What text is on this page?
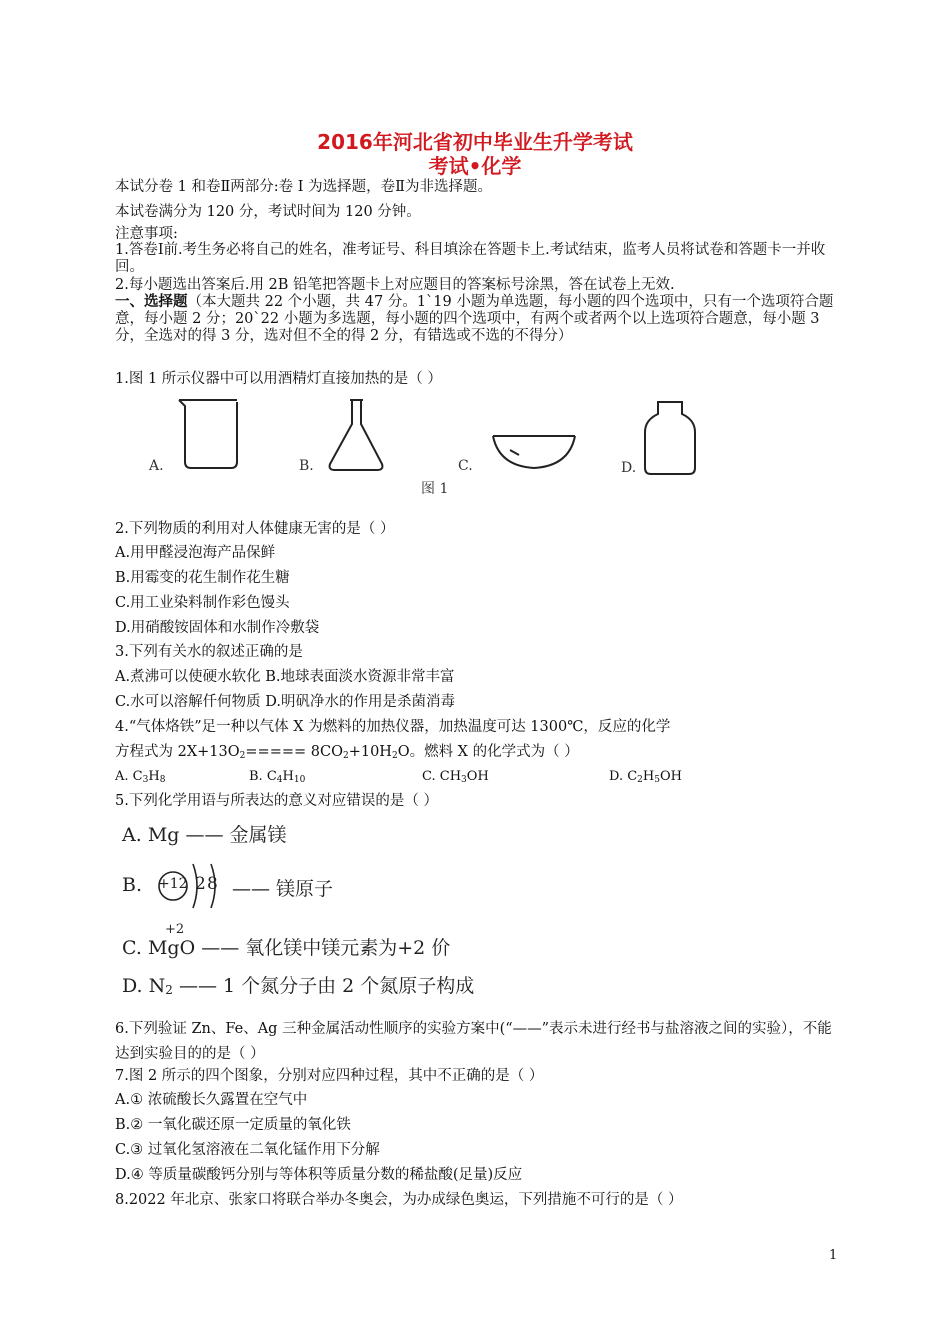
2016年河北省初中毕业生升学考试
考试•化学
本试分卷 1 和卷Ⅱ两部分:卷 I 为选择题，卷Ⅱ为非选择题。
本试卷满分为 120 分，考试时间为 120 分钟。
注意事项:
1.答卷Ⅰ前.考生务必将自己的姓名，准考证号、科目填涂在答题卡上.考试结束，监考人员将试卷和答题卡一并收回。
2.每小题选出答案后.用 2B 铅笔把答题卡上对应题目的答案标号涂黑，答在试卷上无效.
一、选择题（本大题共 22 个小题，共 47 分。1`19 小题为单选题，每小题的四个选项中，只有一个选项符合题意，每小题 2 分；20`22 小题为多选题，每小题的四个选项中，有两个或者两个以上选项符合题意，每小题 3 分，全选对的得 3 分，选对但不全的得 2 分，有错选或不选的不得分）
1.图 1 所示仪器中可以用酒精灯直接加热的是（ ）
A.	B.	C.	D.
图 1
2.下列物质的利用对人体健康无害的是（ ）
A.用甲醛浸泡海产品保鲜
B.用霉变的花生制作花生糖
C.用工业染料制作彩色馒头
D.用硝酸铵固体和水制作冷敷袋
3.下列有关水的叙述正确的是
A.煮沸可以使硬水软化 B.地球表面淡水资源非常丰富
C.水可以溶解仟何物质 D.明矾净水的作用是杀菌消毒
4.“气体烙铁”足一种以气体 X 为燃料的加热仪器，加热温度可达 1300℃，反应的化学
方程式为 $2X+13O_2===== 8CO_2+10H_2O$。燃料 X 的化学式为（ ）
A. $C_3H_8$	B. $C_4H_{10}$	C. $CH_3OH$	D. $C_2H_5OH$
5.下列化学用语与所表达的意义对应错误的是（ ）
A. Mg —— 金属镁
B. +12 2 8 —— 镁原子
+2
C. MgO —— 氧化镁中镁元素为+2 价
D. $N_2$ —— 1 个氮分子由 2 个氮原子构成
6.下列验证 Zn、Fe、Ag 三种金属活动性顺序的实验方案中(“——”表示未进行经书与盐溶液之间的实验），不能达到实验目的的是（ ）
7.图 2 所示的四个图象，分别对应四种过程，其中不正确的是（ ）
A.① 浓硫酸长久露置在空气中
B.② 一氧化碳还原一定质量的氧化铁
C.③ 过氧化氢溶液在二氧化锰作用下分解
D.④ 等质量碳酸钙分别与等体积等质量分数的稀盐酸(足量)反应
8.2022 年北京、张家口将联合举办冬奥会，为办成绿色奥运，下列措施不可行的是（ ）
1
